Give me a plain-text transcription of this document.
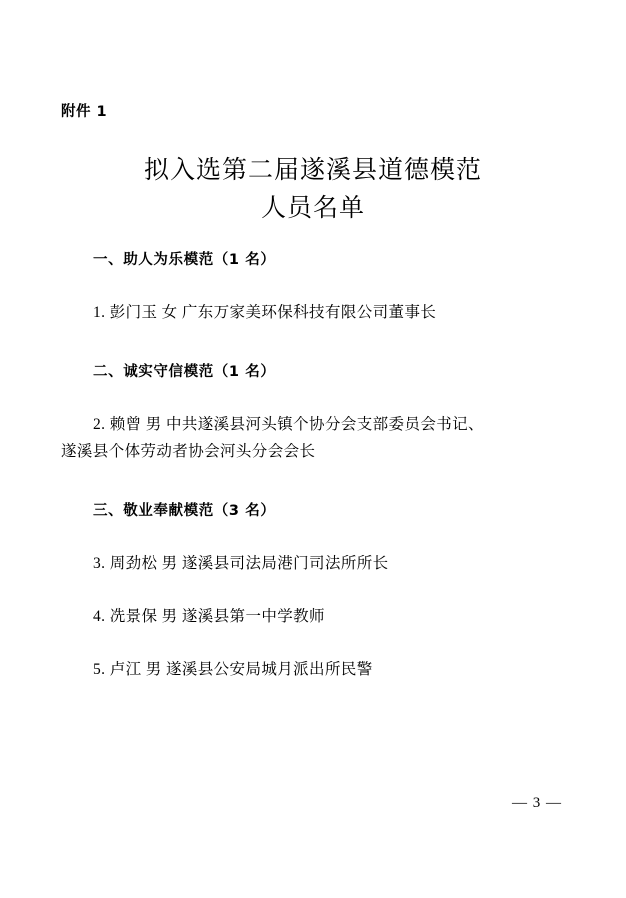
附件 1
拟入选第二届遂溪县道德模范
人员名单
一、助人为乐模范（1 名）
1. 彭门玉 女 广东万家美环保科技有限公司董事长
二、诚实守信模范（1 名）
2. 赖曾 男 中共遂溪县河头镇个协分会支部委员会书记、
遂溪县个体劳动者协会河头分会会长
三、敬业奉献模范（3 名）
3. 周劲松 男 遂溪县司法局港门司法所所长
4. 冼景保 男 遂溪县第一中学教师
5. 卢江 男 遂溪县公安局城月派出所民警
— 3 —
